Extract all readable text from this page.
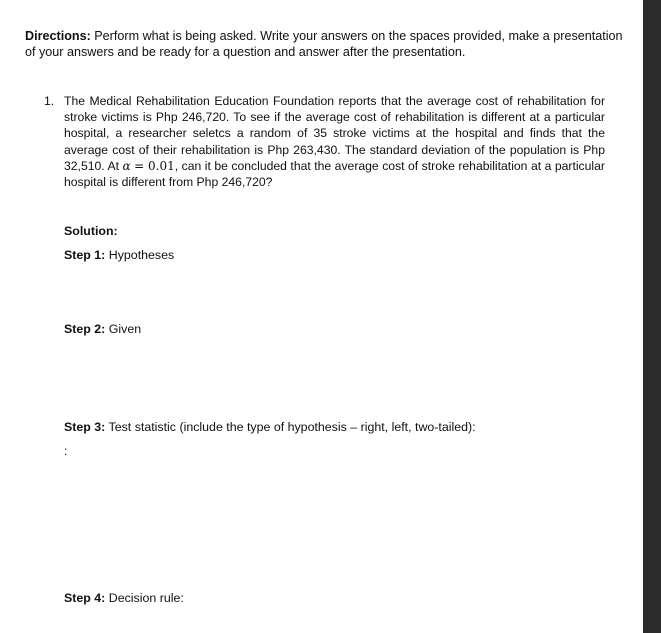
Directions: Perform what is being asked. Write your answers on the spaces provided, make a presentation of your answers and be ready for a question and answer after the presentation.
1. The Medical Rehabilitation Education Foundation reports that the average cost of rehabilitation for stroke victims is Php 246,720. To see if the average cost of rehabilitation is different at a particular hospital, a researcher seletcs a random of 35 stroke victims at the hospital and finds that the average cost of their rehabilitation is Php 263,430. The standard deviation of the population is Php 32,510. At α = 0.01, can it be concluded that the average cost of stroke rehabilitation at a particular hospital is different from Php 246,720?
Solution:
Step 1: Hypotheses
Step 2: Given
Step 3: Test statistic (include the type of hypothesis – right, left, two-tailed):
:
Step 4: Decision rule:
